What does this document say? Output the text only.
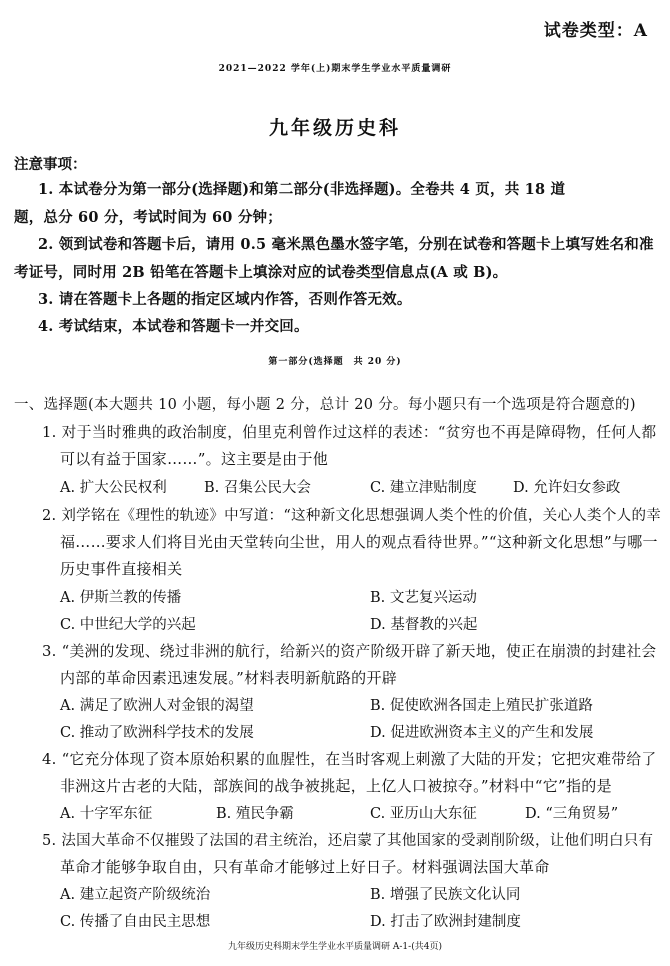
试卷类型：A
2021—2022 学年(上)期末学生学业水平质量调研
九年级历史科
注意事项：
1. 本试卷分为第一部分(选择题)和第二部分(非选择题)。全卷共 4 页，共 18 道
题，总分 60 分，考试时间为 60 分钟；
2. 领到试卷和答题卡后，请用 0.5 毫米黑色墨水签字笔，分别在试卷和答题卡上填写姓名和准
考证号，同时用 2B 铅笔在答题卡上填涂对应的试卷类型信息点(A 或 B)。
3. 请在答题卡上各题的指定区域内作答，否则作答无效。
4. 考试结束，本试卷和答题卡一并交回。
第一部分(选择题　共 20 分)
一、选择题(本大题共 10 小题，每小题 2 分，总计 20 分。每小题只有一个选项是符合题意的)
1. 对于当时雅典的政治制度，伯里克利曾作过这样的表述：“贫穷也不再是障碍物，任何人都
可以有益于国家……”。这主要是由于他
A. 扩大公民权利	B. 召集公民大会	C. 建立津贴制度 D. 允许妇女参政
2. 刘学铭在《理性的轨迹》中写道：“这种新文化思想强调人类个性的价值，关心人类个人的幸
福……要求人们将目光由天堂转向尘世，用人的观点看待世界。”“这种新文化思想”与哪一
历史事件直接相关
A. 伊斯兰教的传播	B. 文艺复兴运动
C. 中世纪大学的兴起	D. 基督教的兴起
3. “美洲的发现、绕过非洲的航行，给新兴的资产阶级开辟了新天地，使正在崩溃的封建社会
内部的革命因素迅速发展。”材料表明新航路的开辟
A. 满足了欧洲人对金银的渴望	B. 促使欧洲各国走上殖民扩张道路
C. 推动了欧洲科学技术的发展	D. 促进欧洲资本主义的产生和发展
4. “它充分体现了资本原始积累的血腥性，在当时客观上刺激了大陆的开发；它把灾难带给了
非洲这片古老的大陆，部族间的战争被挑起，上亿人口被掠夺。”材料中“它”指的是
A. 十字军东征	B. 殖民争霸	C. 亚历山大东征	D. “三角贸易”
5. 法国大革命不仅摧毁了法国的君主统治，还启蒙了其他国家的受剥削阶级，让他们明白只有
革命才能够争取自由，只有革命才能够过上好日子。材料强调法国大革命
A. 建立起资产阶级统治	B. 增强了民族文化认同
C. 传播了自由民主思想	D. 打击了欧洲封建制度
九年级历史科期末学生学业水平质量调研 A-1-(共4页)
